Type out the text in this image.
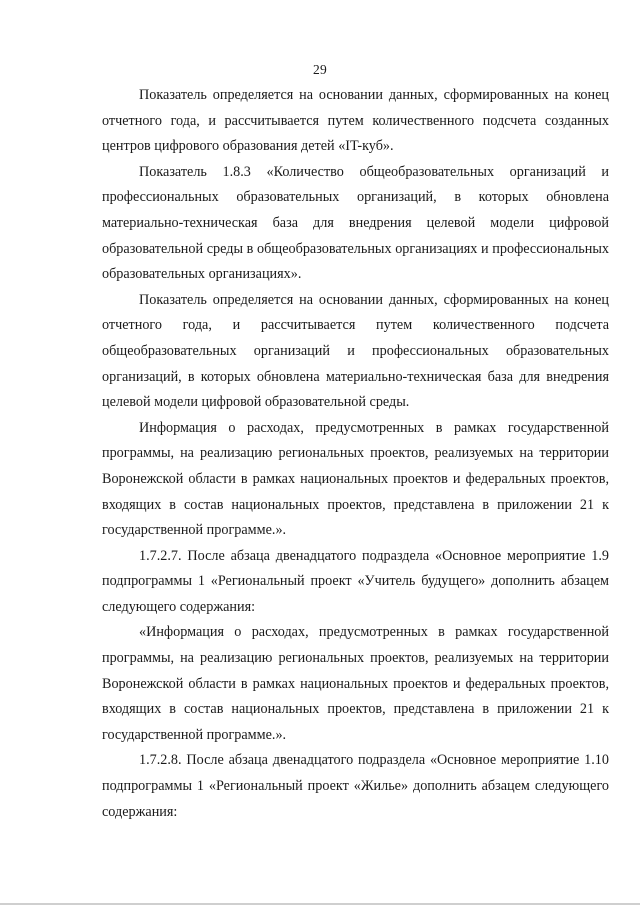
29

Показатель определяется на основании данных, сформированных на конец отчетного года, и рассчитывается путем количественного подсчета созданных центров цифрового образования детей «IT-куб».

Показатель 1.8.3 «Количество общеобразовательных организаций и профессиональных образовательных организаций, в которых обновлена материально-техническая база для внедрения целевой модели цифровой образовательной среды в общеобразовательных организациях и профессиональных образовательных организациях».

Показатель определяется на основании данных, сформированных на конец отчетного года, и рассчитывается путем количественного подсчета общеобразовательных организаций и профессиональных образовательных организаций, в которых обновлена материально-техническая база для внедрения целевой модели цифровой образовательной среды.

Информация о расходах, предусмотренных в рамках государственной программы, на реализацию региональных проектов, реализуемых на территории Воронежской области в рамках национальных проектов и федеральных проектов, входящих в состав национальных проектов, представлена в приложении 21 к государственной программе.».

1.7.2.7. После абзаца двенадцатого подраздела «Основное мероприятие 1.9 подпрограммы 1 «Региональный проект «Учитель будущего» дополнить абзацем следующего содержания:

«Информация о расходах, предусмотренных в рамках государственной программы, на реализацию региональных проектов, реализуемых на территории Воронежской области в рамках национальных проектов и федеральных проектов, входящих в состав национальных проектов, представлена в приложении 21 к государственной программе.».

1.7.2.8. После абзаца двенадцатого подраздела «Основное мероприятие 1.10 подпрограммы 1 «Региональный проект «Жилье» дополнить абзацем следующего содержания:
